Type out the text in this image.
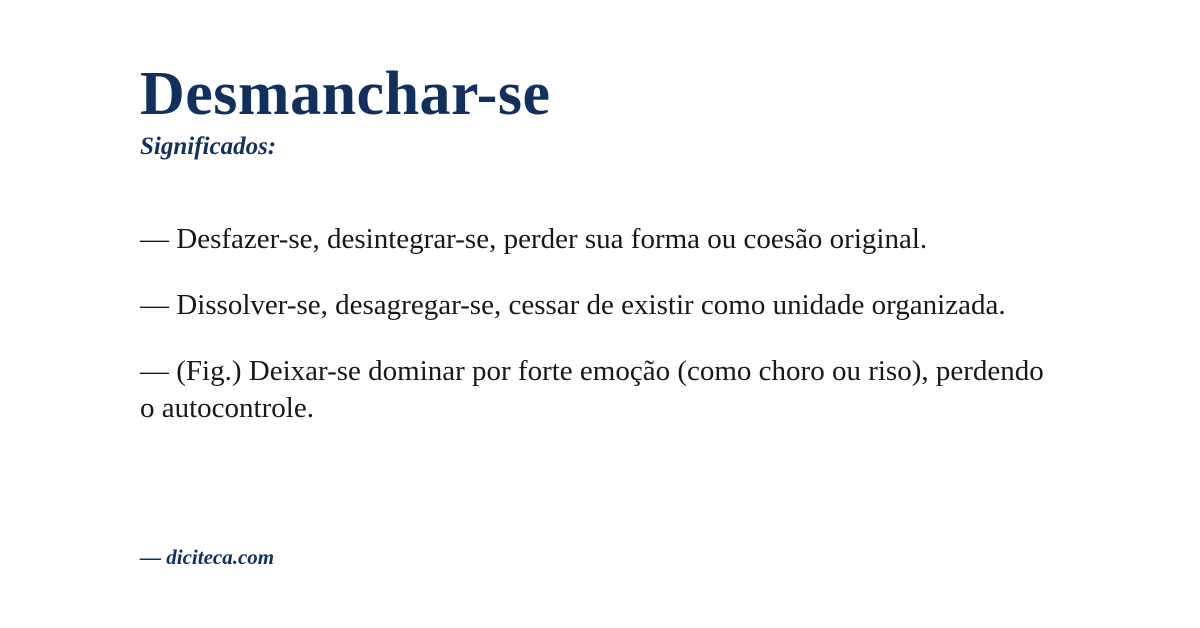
Desmanchar-se
Significados:

— Desfazer-se, desintegrar-se, perder sua forma ou coesão original.

— Dissolver-se, desagregar-se, cessar de existir como unidade organizada.

— (Fig.) Deixar-se dominar por forte emoção (como choro ou riso), perdendo o autocontrole.

— diciteca.com
